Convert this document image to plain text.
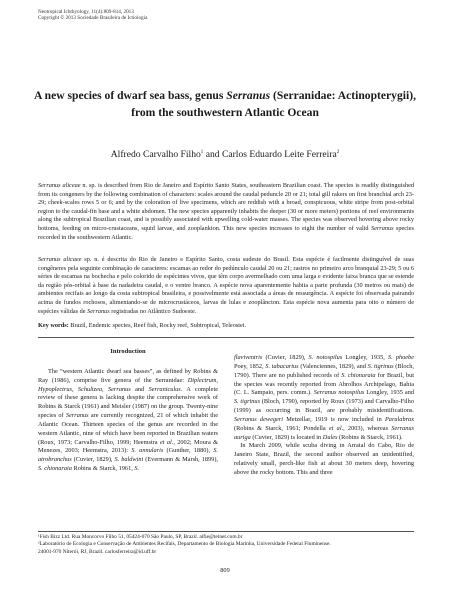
Neotropical Ichthyology, 11(4):809-814, 2013
Copyright © 2013 Sociedade Brasileira de Ictiologia
A new species of dwarf sea bass, genus Serranus (Serranidae: Actinopterygii), from the southwestern Atlantic Ocean
Alfredo Carvalho Filho$^1$ and Carlos Eduardo Leite Ferreira$^2$

Serranus aliceae n. sp. is described from Rio de Janeiro and Espírito Santo States, southeastern Brazilian coast. The species is readily distinguished from its congeners by the following combination of characters: scales around the caudal peduncle 20 or 21; total gill rakers on first branchial arch 23-29; cheek-scales rows 5 or 6; and by the coloration of live specimens, which are reddish with a broad, conspicuous, white stripe from post-orbital region to the caudal-fin base and a white abdomen. The new species apparently inhabits the deeper (30 or more meters) portions of reef environments along the subtropical Brazilian coast, and is possibly associated with upwelling cold-water masses. The species was observed hovering above rocky bottoms, feeding on micro-crustaceans, squid larvae, and zooplankton. This new species increases to eight the number of valid Serranus species recorded in the southwestern Atlantic.

Serranus alicaee sp. n. é descrita do Rio de Janeiro e Espírito Santo, costa sudeste do Brasil. Esta espécie é facilmente distinguível de suas congêneres pela seguinte combinação de caracteres: escamas ao redor do pedúnculo caudal 20 ou 21; rastros no primeiro arco branquial 23-29; 5 ou 6 séries de escamas na bochecha e pelo colorido de espécimes vivos, que têm corpo avermelhado com uma larga e evidente faixa branca que se estende da região pós-orbital à base da nadadeira caudal, e o ventre branco. A espécie nova aparentemente habita a parte profunda (30 metros ou mais) de ambientes recifais ao longo da costa subtropical brasileira, e possivelmente está associada a áreas de ressurgência. A espécie foi observada pairando acima de fundos rochosos, alimentando-se de microcrustáceos, larvas de lulas e zooplâncton. Esta espécie nova aumenta para oito o número de espécies válidas de Serranus registradas no Atlântico Sudoeste.

Key words: Brazil, Endemic species, Reef fish, Rocky reef, Subtropical, Teleostei.

Introduction

The “western Atlantic dwarf sea basses”, as defined by Robins & Ray (1986), comprise five genera of the Serranidae: Diplectrum, Hypoplectrus, Schultzea, Serranus and Serraniculus. A complete review of these genera is lacking despite the comprehensive work of Robins & Starck (1961) and Meisler (1987) on the group. Twenty-nine species of Serranus are currently recognized, 21 of which inhabit the Atlantic Ocean. Thirteen species of the genus are recorded in the western Atlantic, nine of which have been reported in Brazilian waters (Roux, 1973; Carvalho-Filho, 1999; Heemstra et al., 2002; Moura & Menezes, 2003; Heemstra, 2013): S. annularis (Gunther, 1880), S. atrobranchus (Cuvier, 1829), S. baldwini (Evermann & Marsh, 1899), S. chionaraia Robins & Starck, 1961, S.

flaviventris (Cuvier, 1829), S. notospilus Longley, 1935, S. phoebe Poey, 1852, S. tabacarius (Valenciennes, 1829), and S. tigrinus (Bloch, 1790). There are no published records of S. chionaraia for Brazil, but the species was recently reported from Abrolhos Archipelago, Bahia (C. L. Sampaio, pers. comm.). Serranus notospilus Longley, 1935 and S. tigrinus (Bloch, 1790), reported by Roux (1973) and Carvalho-Filho (1999) as occurring in Brazil, are probably misidentifications. Serranus dewegeri Metzellar, 1919 is now included in Paralabrax (Robins & Starck, 1961; Pondella et al., 2003), whereas Serranus auriga (Cuvier, 1829) is located in Dules (Robins & Starck, 1961).
 In March 2009, while scuba diving in Arraial do Cabo, Rio de Janeiro State, Brazil, the second author observed an unidentified, relatively small, perch-like fish at about 30 meters deep, hovering above the rocky bottom. This and three

¹Fish Bizz Ltd. Rua Moncorvo Filho 51, 05424-070 São Paulo, SP, Brazil. alfie@telnet.com.br

²Laboratório de Ecologia e Conservação de Ambientes Recifais, Departamento de Biologia Marinha, Universidade Federal Fluminense.

24001-970 Niterói, RJ, Brazil. carlosferreira@id.uff.br

809
